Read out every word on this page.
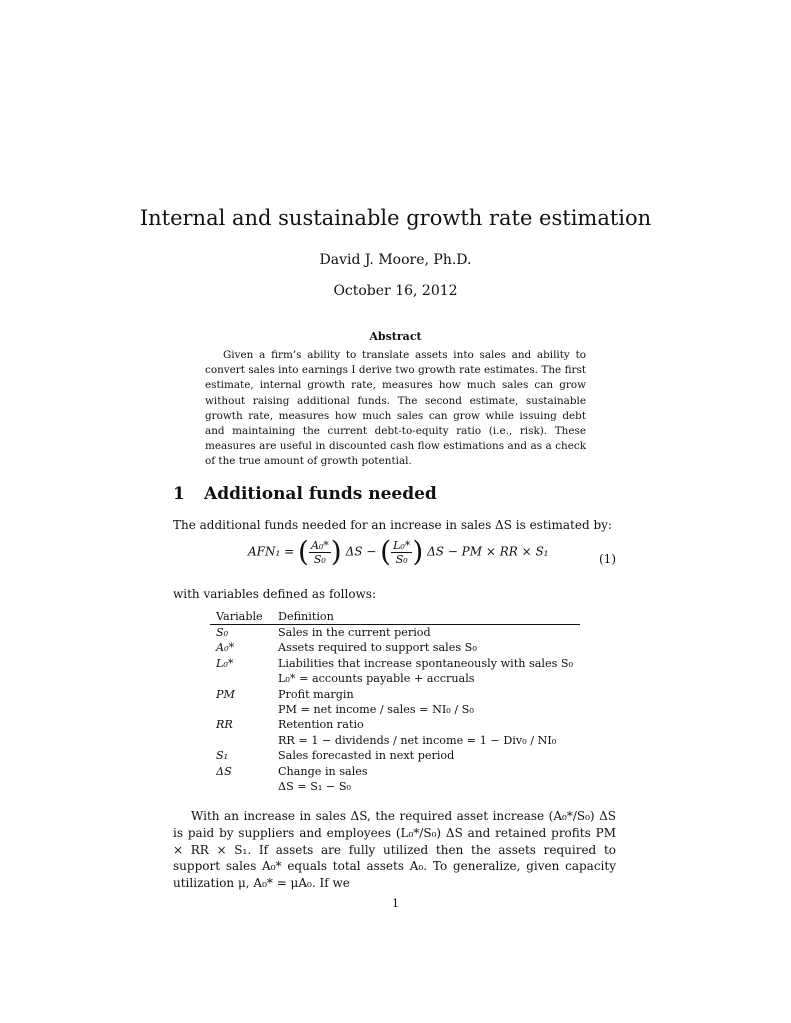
Internal and sustainable growth rate estimation
David J. Moore, Ph.D.
October 16, 2012
Abstract

Given a firm’s ability to translate assets into sales and ability to convert sales into earnings I derive two growth rate estimates. The first estimate, internal growth rate, measures how much sales can grow without raising additional funds. The second estimate, sustainable growth rate, measures how much sales can grow while issuing debt and maintaining the current debt-to-equity ratio (i.e., risk). These measures are useful in discounted cash flow estimations and as a check of the true amount of growth potential.

1 Additional funds needed

The additional funds needed for an increase in sales ΔS is estimated by:

AFN₁ = ( $\frac{\text{A₀*}}{\text{S₀}}$ ) ΔS − ( $\frac{\text{L₀*}}{\text{S₀}}$ ) ΔS − PM × RR × S₁
(1)

with variables defined as follows:

Variable	Definition
S₀	Sales in the current period

A₀*	Assets required to support sales S₀

L₀*	Liabilities that increase spontaneously with sales S₀
L₀* = accounts payable + accruals

PM	Profit margin
PM = net income / sales = NI₀ / S₀

RR	Retention ratio
RR = 1 − dividends / net income = 1 − Div₀ / NI₀

S₁	Sales forecasted in next period

ΔS	Change in sales
ΔS = S₁ − S₀

With an increase in sales ΔS, the required asset increase (A₀*/S₀) ΔS is paid by suppliers and employees (L₀*/S₀) ΔS and retained profits PM × RR × S₁. If assets are fully utilized then the assets required to support sales A₀* equals total assets A₀. To generalize, given capacity utilization μ, A₀* = μA₀. If we

1
